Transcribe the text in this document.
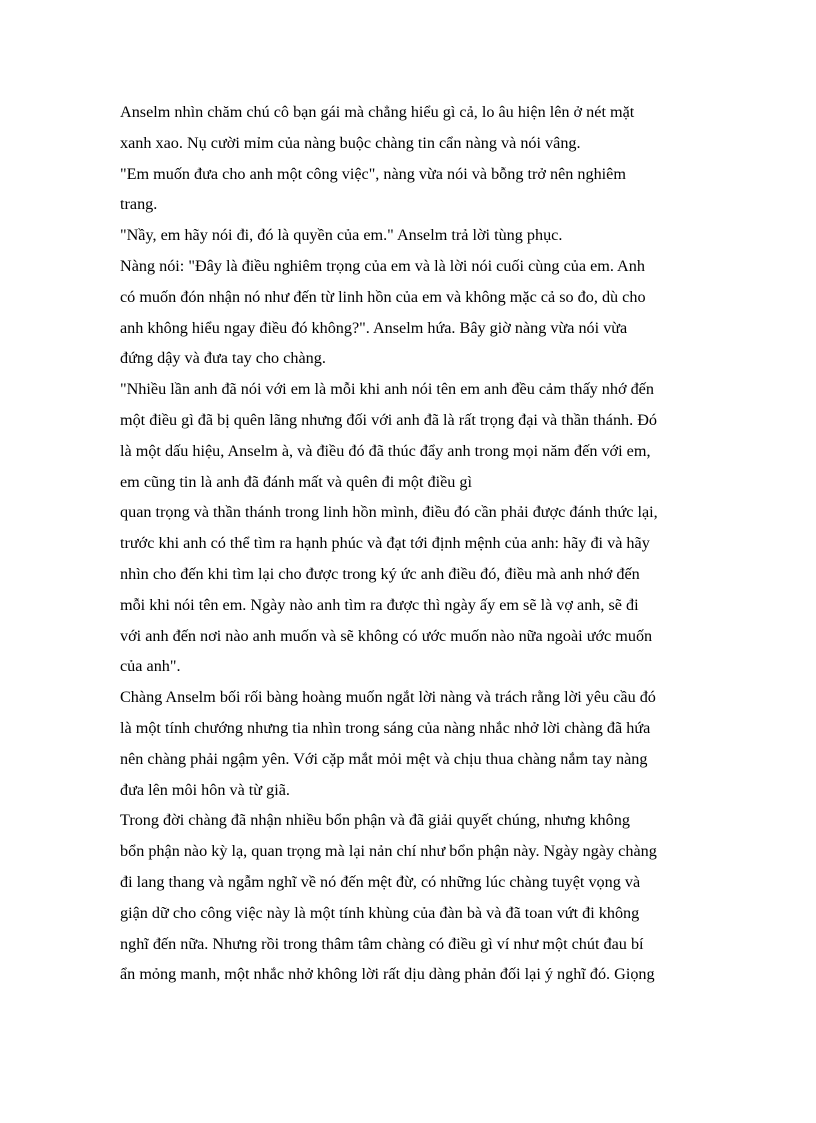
Anselm nhìn chăm chú cô bạn gái mà chẳng hiểu gì cả, lo âu hiện lên ở nét mặt
xanh xao. Nụ cười mỉm của nàng buộc chàng tin cẩn nàng và nói vâng.
"Em muốn đưa cho anh một công việc", nàng vừa nói và bỗng trở nên nghiêm
trang.
"Nầy, em hãy nói đi, đó là quyền của em." Anselm trả lời tùng phục.
Nàng nói: "Đây là điều nghiêm trọng của em và là lời nói cuối cùng của em. Anh
có muốn đón nhận nó như đến từ linh hồn của em và không mặc cả so đo, dù cho
anh không hiểu ngay điều đó không?". Anselm hứa. Bây giờ nàng vừa nói vừa
đứng dậy và đưa tay cho chàng.
"Nhiều lần anh đã nói với em là mỗi khi anh nói tên em anh đều cảm thấy nhớ đến
một điều gì đã bị quên lãng nhưng đối với anh đã là rất trọng đại và thần thánh. Đó
là một dấu hiệu, Anselm à, và điều đó đã thúc đẩy anh trong mọi năm đến với em,
em cũng tin là anh đã đánh mất và quên đi một điều gì
quan trọng và thần thánh trong linh hồn mình, điều đó cần phải được đánh thức lại,
trước khi anh có thể tìm ra hạnh phúc và đạt tới định mệnh của anh: hãy đi và hãy
nhìn cho đến khi tìm lại cho được trong ký ức anh điều đó, điều mà anh nhớ đến
mỗi khi nói tên em. Ngày nào anh tìm ra được thì ngày ấy em sẽ là vợ anh, sẽ đi
với anh đến nơi nào anh muốn và sẽ không có ước muốn nào nữa ngoài ước muốn
của anh".
Chàng Anselm bối rối bàng hoàng muốn ngắt lời nàng và trách rằng lời yêu cầu đó
là một tính chướng nhưng tia nhìn trong sáng của nàng nhắc nhở lời chàng đã hứa
nên chàng phải ngậm yên. Với cặp mắt mỏi mệt và chịu thua chàng nắm tay nàng
đưa lên môi hôn và từ giã.
Trong đời chàng đã nhận nhiều bổn phận và đã giải quyết chúng, nhưng không
bổn phận nào kỳ lạ, quan trọng mà lại nản chí như bổn phận này. Ngày ngày chàng
đi lang thang và ngẫm nghĩ về nó đến mệt đừ, có những lúc chàng tuyệt vọng và
giận dữ cho công việc này là một tính khùng của đàn bà và đã toan vứt đi không
nghĩ đến nữa. Nhưng rồi trong thâm tâm chàng có điều gì ví như một chút đau bí
ẩn mỏng manh, một nhắc nhở không lời rất dịu dàng phản đối lại ý nghĩ đó. Giọng
